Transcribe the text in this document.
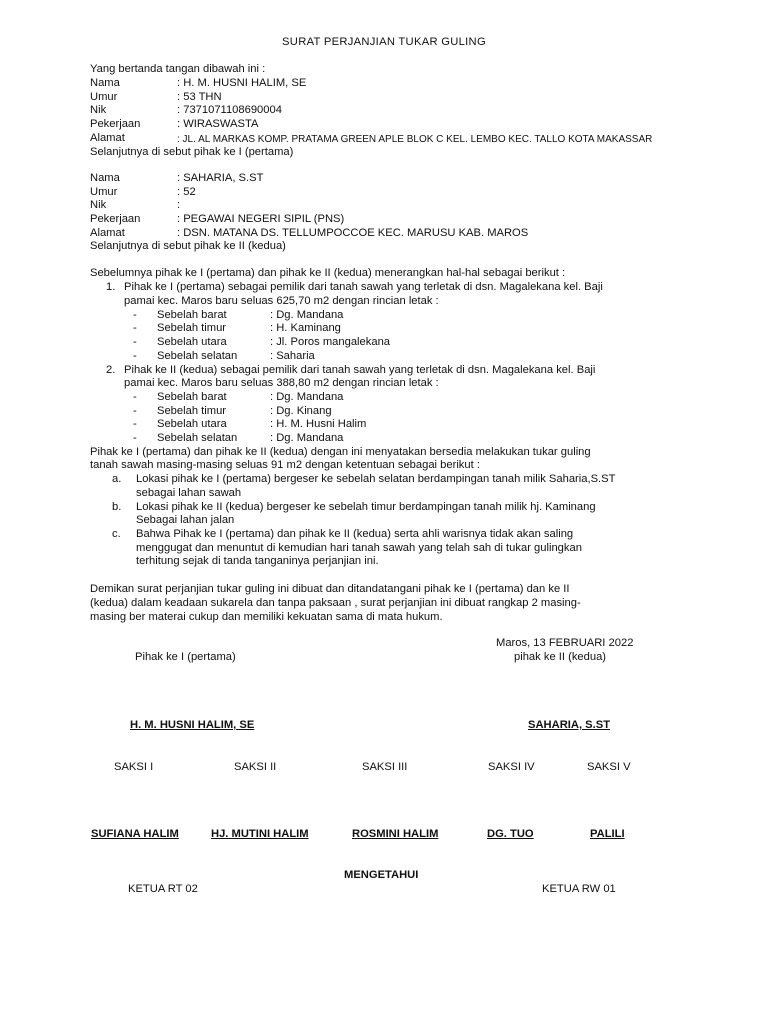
SURAT PERJANJIAN TUKAR GULING
Yang bertanda tangan dibawah ini :
Nama	: H. M. HUSNI HALIM, SE
Umur	: 53 THN
Nik	: 7371071108690004
Pekerjaan	: WIRASWASTA
Alamat	: JL. AL MARKAS KOMP. PRATAMA GREEN APLE BLOK C KEL. LEMBO KEC. TALLO KOTA MAKASSAR
Selanjutnya di sebut pihak ke I (pertama)
Nama	: SAHARIA, S.ST
Umur	: 52
Nik	:
Pekerjaan	: PEGAWAI NEGERI SIPIL (PNS)
Alamat	: DSN. MATANA DS. TELLUMPOCCOE KEC. MARUSU KAB. MAROS
Selanjutnya di sebut pihak ke II (kedua)
Sebelumnya pihak ke I (pertama) dan pihak ke II (kedua) menerangkan hal-hal sebagai berikut :
1. Pihak ke I (pertama) sebagai pemilik dari tanah sawah yang terletak di dsn. Magalekana kel. Baji
pamai kec. Maros baru seluas 625,70 m2 dengan rincian letak :
- Sebelah barat	: Dg. Mandana
- Sebelah timur	: H. Kaminang
- Sebelah utara	: Jl. Poros mangalekana
- Sebelah selatan	: Saharia
2. Pihak ke II (kedua) sebagai pemilik dari tanah sawah yang terletak di dsn. Magalekana kel. Baji
pamai kec. Maros baru seluas 388,80 m2 dengan rincian letak :
- Sebelah barat	: Dg. Mandana
- Sebelah timur	: Dg. Kinang
- Sebelah utara	: H. M. Husni Halim
- Sebelah selatan	: Dg. Mandana
Pihak ke I (pertama) dan pihak ke II (kedua) dengan ini menyatakan bersedia melakukan tukar guling
tanah sawah masing-masing seluas 91 m2 dengan ketentuan sebagai berikut :
a. Lokasi pihak ke I (pertama) bergeser ke sebelah selatan berdampingan tanah milik Saharia,S.ST
sebagai lahan sawah
b. Lokasi pihak ke II (kedua) bergeser ke sebelah timur berdampingan tanah milik hj. Kaminang
Sebagai lahan jalan
c. Bahwa Pihak ke I (pertama) dan pihak ke II (kedua) serta ahli warisnya tidak akan saling
menggugat dan menuntut di kemudian hari tanah sawah yang telah sah di tukar gulingkan
terhitung sejak di tanda tanganinya perjanjian ini.
Demikan surat perjanjian tukar guling ini dibuat dan ditandatangani pihak ke I (pertama) dan ke II
(kedua) dalam keadaan sukarela dan tanpa paksaan , surat perjanjian ini dibuat rangkap 2 masing-
masing ber materai cukup dan memiliki kekuatan sama di mata hukum.
Maros, 13 FEBRUARI 2022
Pihak ke I (pertama)	pihak ke II (kedua)
H. M. HUSNI HALIM, SE	SAHARIA, S.ST
SAKSI I	SAKSI II	SAKSI III	SAKSI IV	SAKSI V
SUFIANA HALIM	HJ. MUTINI HALIM	ROSMINI HALIM	DG. TUO	PALILI
MENGETAHUI
KETUA RT 02	KETUA RW 01
